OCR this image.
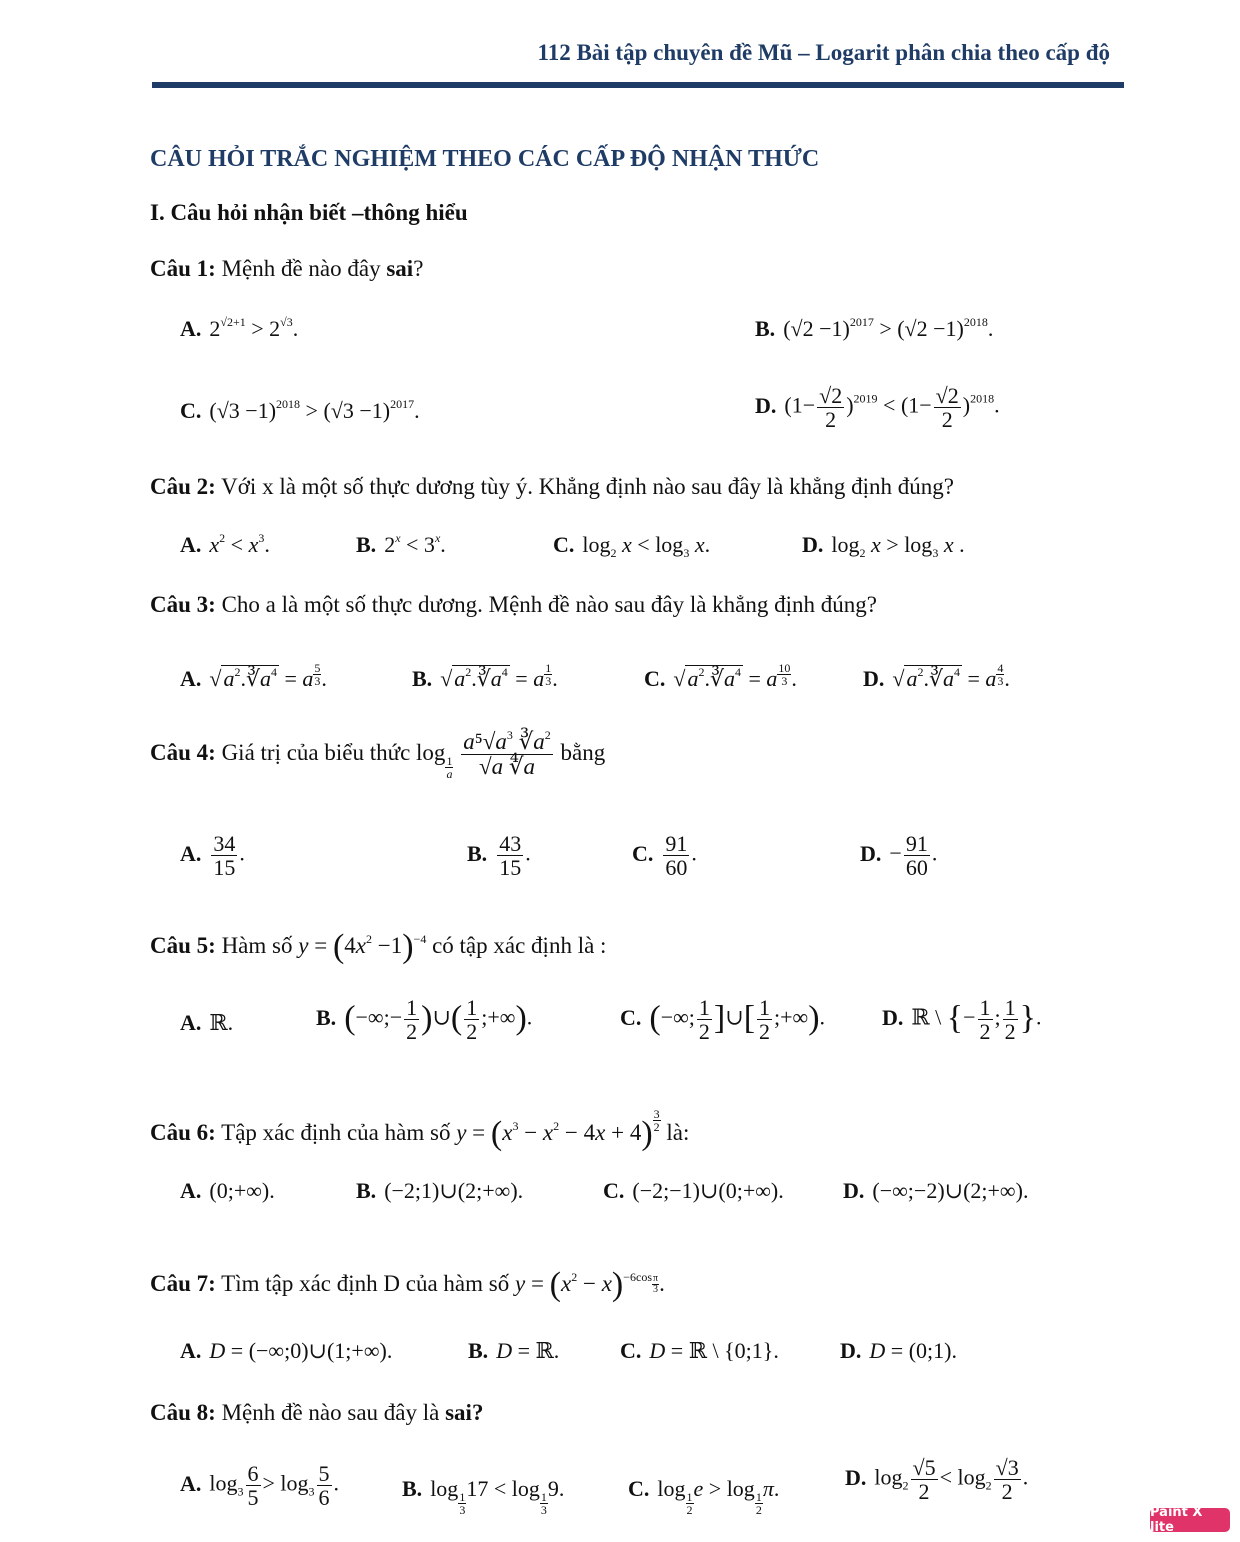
112 Bài tập chuyên đề Mũ – Logarit phân chia theo cấp độ
CÂU HỎI TRẮC NGHIỆM THEO CÁC CẤP ĐỘ NHẬN THỨC
I. Câu hỏi nhận biết –thông hiểu
Câu 1: Mệnh đề nào đây sai?
A. $2^{√2+1} > 2^{√3}$.	B. $(√2 -1)^{2017} > (√2 -1)^{2018}$.
C. $(√3 -1)^{2018} > (√3 -1)^{2017}$.	D. $(1- \frac{√2}{2} )^{2019} < (1- \frac{√2}{2} )^{2018}$.
Câu 2: Với x là một số thực dương tùy ý. Khẳng định nào sau đây là khẳng định đúng?
A. $x^2 < x^3$.	B. $2^x < 3^x$.	C. $\log_2 x < \log_3 x$.	D. $\log_2 x > \log_3 x$ .
Câu 3: Cho a là một số thực dương. Mệnh đề nào sau đây là khẳng định đúng?
A. $√a^2.∛a^4 = a \frac{5}{3}$ .	B. $√a^2.∛a^4 = a \frac{1}{3}$ .	C. $√a^2.∛a^4 = a \frac{10}{3}$ .	D. $√a^2.∛a^4 = a \frac{4}{3}$ .
Câu 4: Giá trị của biểu thức log
$_{\frac{1}{a}}$
$\frac{a^5√a^3 ∛a^2}{√a ∜a}$ bằng
A. $\frac{34}{15}$ .	B. $\frac{43}{15}$ .	C. $\frac{91}{60}$ .	D. − $\frac{91}{60}$ .
Câu 5: Hàm số $y = (4x^2 -1)^{-4}$ có tập xác định là :
A. ℝ.	B. (−∞;− $\frac{1}{2}$ )∪( $\frac{1}{2}$ ;+∞).	C. (−∞; $\frac{1}{2}$ ]∪[ $\frac{1}{2}$ ;+∞).	D. ℝ \ {− $\frac{1}{2}$ ; $\frac{1}{2}$ }.
Câu 6: Tập xác định của hàm số $y = (x^3 - x^2 - 4x + 4) \frac{3}{2}$ là:
A. (0;+∞).	B. (−2;1)∪(2;+∞).	C. (−2;−1)∪(0;+∞).	D. (−∞;−2)∪(2;+∞).
Câu 7: Tìm tập xác định D của hàm số $y = (x^2 - x)^{-6cos \frac{\pi}{3}}$ .
A. D = (−∞;0)∪(1;+∞).	B. D = ℝ.	C. D = ℝ \ {0;1}.	D. D = (0;1).
Câu 8: Mệnh đề nào sau đây là sai?
A. $\log_3 \frac{6}{5} > \log_3 \frac{5}{6}$ .	B. log
$_{\frac{1}{3}}$
17 < log
$_{\frac{1}{3}}$
9.	C. log
$_{\frac{1}{2}}$
e > log
$_{\frac{1}{2}}$
π.	D. $\log_2 \frac{√5}{2} < \log_2 \frac{√3}{2}$ .
Paint X lite
